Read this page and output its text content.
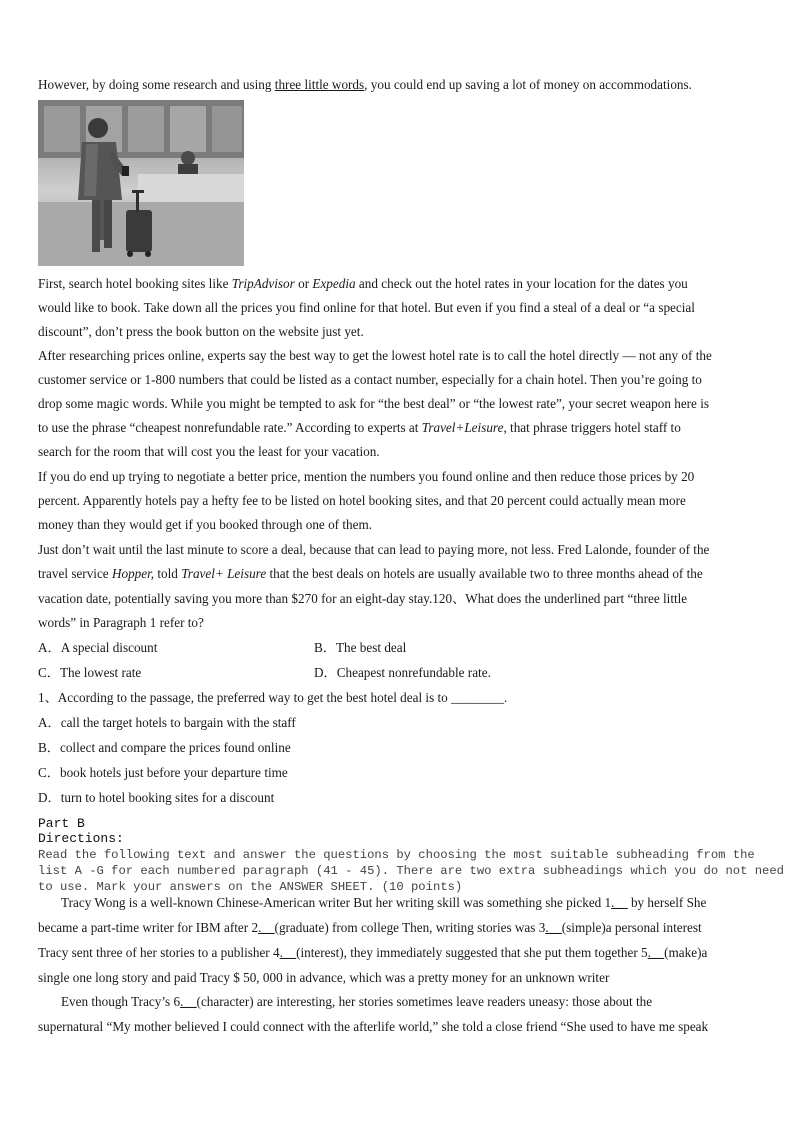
However, by doing some research and using three little words, you could end up saving a lot of money on accommodations.
First, search hotel booking sites like TripAdvisor or Expedia and check out the hotel rates in your location for the dates you
would like to book. Take down all the prices you find online for that hotel. But even if you find a steal of a deal or “a special
discount”, don’t press the book button on the website just yet.
After researching prices online, experts say the best way to get the lowest hotel rate is to call the hotel directly — not any of the
customer service or 1-800 numbers that could be listed as a contact number, especially for a chain hotel. Then you’re going to
drop some magic words. While you might be tempted to ask for “the best deal” or “the lowest rate”, your secret weapon here is
to use the phrase “cheapest nonrefundable rate.” According to experts at Travel+Leisure, that phrase triggers hotel staff to
search for the room that will cost you the least for your vacation.
If you do end up trying to negotiate a better price, mention the numbers you found online and then reduce those prices by 20
percent. Apparently hotels pay a hefty fee to be listed on hotel booking sites, and that 20 percent could actually mean more
money than they would get if you booked through one of them.
Just don’t wait until the last minute to score a deal, because that can lead to paying more, not less. Fred Lalonde, founder of the
travel service Hopper, told Travel+ Leisure that the best deals on hotels are usually available two to three months ahead of the
vacation date, potentially saving you more than $270 for an eight-day stay.120、What does the underlined part “three little
words” in Paragraph 1 refer to?
A．A special discount	B．The best deal
C．The lowest rate	D．Cheapest nonrefundable rate.
1、According to the passage, the preferred way to get the best hotel deal is to ________.
A．call the target hotels to bargain with the staff
B．collect and compare the prices found online
C．book hotels just before your departure time
D．turn to hotel booking sites for a discount
Part B
Directions:
Read the following text and answer the questions by choosing the most suitable subheading from the
list A -G for each numbered paragraph (41 - 45). There are two extra subheadings which you do not need
to use. Mark your answers on the ANSWER SHEET. (10 points)
Tracy Wong is a well-known Chinese-American writer But her writing skill was something she picked 1.__ by herself She
became a part-time writer for IBM after 2.__(graduate) from college Then, writing stories was 3.__(simple)a personal interest
Tracy sent three of her stories to a publisher 4.__(interest), they immediately suggested that she put them together 5.__(make)a
single one long story and paid Tracy $ 50, 000 in advance, which was a pretty money for an unknown writer
Even though Tracy’s 6.__(character) are interesting, her stories sometimes leave readers uneasy: those about the
supernatural “My mother believed I could connect with the afterlife world,” she told a close friend “She used to have me speak
